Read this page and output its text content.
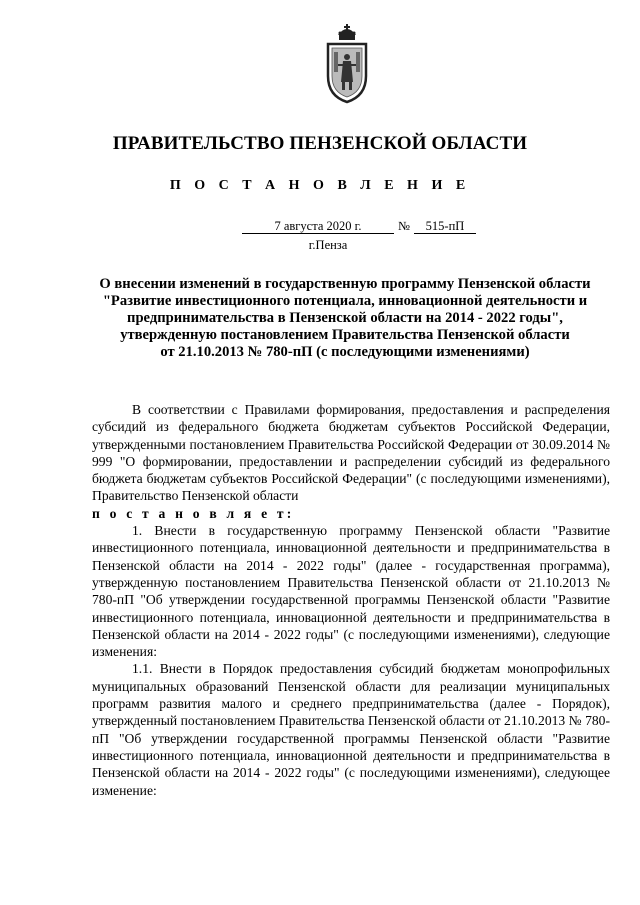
ПРАВИТЕЛЬСТВО ПЕНЗЕНСКОЙ ОБЛАСТИ
П О С Т А Н О В Л Е Н И Е
7 августа 2020 г.	№	515-пП
г.Пенза
О внесении изменений в государственную программу Пензенской области
"Развитие инвестиционного потенциала, инновационной деятельности и
предпринимательства в Пензенской области на 2014 - 2022 годы",
утвержденную постановлением Правительства Пензенской области
от 21.10.2013 № 780-пП (с последующими изменениями)

В соответствии с Правилами формирования, предоставления и распределения субсидий из федерального бюджета бюджетам субъектов Российской Федерации, утвержденными постановлением Правительства Российской Федерации от 30.09.2014 № 999 "О формировании, предоставлении и распределении субсидий из федерального бюджета бюджетам субъектов Российской Федерации" (с последующими изменениями), Правительство Пензенской области

п о с т а н о в л я е т:

1. Внести в государственную программу Пензенской области "Развитие инвестиционного потенциала, инновационной деятельности и предпринимательства в Пензенской области на 2014 - 2022 годы" (далее - государственная программа), утвержденную постановлением Правительства Пензенской области от 21.10.2013 № 780-пП "Об утверждении государственной программы Пензенской области "Развитие инвестиционного потенциала, инновационной деятельности и предпринимательства в Пензенской области на 2014 - 2022 годы" (с последующими изменениями), следующие изменения:

1.1. Внести в Порядок предоставления субсидий бюджетам монопрофильных муниципальных образований Пензенской области для реализации муниципальных программ развития малого и среднего предпринимательства (далее - Порядок), утвержденный постановлением Правительства Пензенской области от 21.10.2013 № 780-пП "Об утверждении государственной программы Пензенской области "Развитие инвестиционного потенциала, инновационной деятельности и предпринимательства в Пензенской области на 2014 - 2022 годы" (с последующими изменениями), следующее изменение:
